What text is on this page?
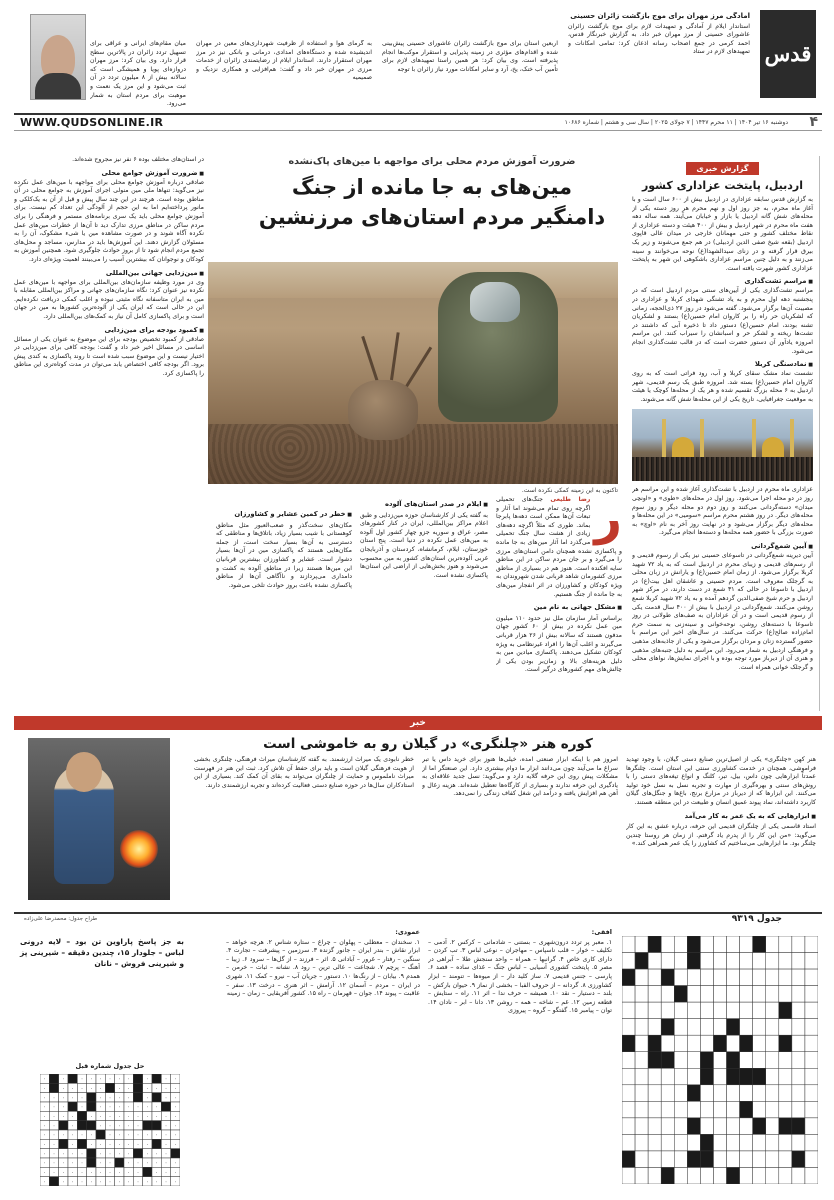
قدس
آمادگی مرز مهران برای موج بازگشت زائران حسینی

استاندار ایلام از آمادگی و تمهیدات لازم برای موج بازگشت زائران عاشورای حسینی از مرز مهران خبر داد. به گزارش خبرنگار قدس، احمد کرمی در جمع اصحاب رسانه اذعان کرد: تمامی امکانات و تمهیدهای لازم در ستاد

اربعین استان برای موج بازگشت زائران عاشورای حسینی پیش‌بینی شده و اقدام‌های مؤثری در زمینه پذیرایی و استقرار موکب‌ها انجام پذیرفته است. وی بیان کرد: هر همین راستا تمهیدهای لازم برای تأمین آب خنک، یخ، آرد و سایر امکانات مورد نیاز زائران با توجه

به گرمای هوا و استفاده از ظرفیت شهرداری‌های معین در مهران اندیشیده شده و دستگاه‌های امدادی، درمانی و بانکی نیز در مرز مهران استقرار دارند. استاندار ایلام از رضایتمندی زائران از خدمات مرزی در مهران خبر داد و گفت: هم‌افزایی و همکاری نزدیک و صمیمیه

میان مقام‌های ایرانی و عراقی برای تسهیل تردد زائران در پالاترین سطح قرار دارد. وی بیان کرد: مرز مهران درواز‌ه‌ای پویا و همیشگی است که سالانه بیش از ۸ میلیون تردد در آن ثبت می‌شود و این مرز یک نعمت و موهبت برای مردم استان به شمار می‌رود.

دوشنبه ۱۶ تیر ۱۴۰۴ | ۱۱ محرم ۱۴۴۷ | ۷ جولای ۲۰۲۵ | سال سی و هشتم | شماره ۱۰۶۸۶
WWW.QUDSONLINE.IR	۴
گزارش خبری
اردبیل، پایتخت عزاداری کشور

به گزارش قدس سابقه عزاداری در اردبیل بیش از ۶۰۰ سال است و با آغاز ماه محرم، به جز روز اول و نهم محرم هر روز دسته یکی از محله‌های شش گانه اردبیل یا بازار و خیابان می‌آیند. همه ساله دهه هفت ماه محرم در شهر اردبیل و بیش از ۴۰۰ هیئت و دسته عزاداری از نقاط مختلف کشور و حتی مهمانان خارجی در میدان عالی قاپوی اردبیل (بقعه شیخ صفی الدین اردبیلی) در هم جمع می‌شوند و زیر یک بیرق قرار گرفته و در زنای سیدالشهدا(ع) نوحه می‌خوانند و سینه می‌زنند و به دلیل چنین مراسم عزاداری باشکوهی این شهر به پایتخت عزاداری کشور شهرت یافته است.

■ مراسم تشت‌گذاری

مراسم تشت‌گذاری یکی از آیین‌های سنتی مردم اردبیل است که در پنجشنبه دهه اول محرم و به یاد تشنگی شهدای کربلا و عزاداری در مصیبت آن‌ها برگزار می‌شود. گفته می‌شود در روز ۲۷ ذی‌الحجه، زمانی که لشکریان حر راه را بر کاروان امام حسین(ع) بستند و لشکریان تشنه بودند، امام حسین(ع) دستور داد تا ذخیره آبی که داشتند در تشت‌ها ریخته و لشکر حر و اسبانشان را سیراب کنند. این مراسم امروزه یادآور آن دستور حضرت است که در قالب تشت‌گذاری انجام می‌شود.

■ نمادسنگی کربلا

نشست نماد مشک سقای کربلا و آب، رود فراتی است که به روی کاروان امام حسین(ع) بسته شد. امروزه طبق یک رسم قدیمی، شهر اردبیل به ۶ محله بزرگ تقسیم شده و هر یک از محله‌ها کوچک یا هیئت به موقعیت جغرافیایی، تاریخ یکی از این محله‌ها شش گانه می‌شوند.

عزاداری ماه محرم در اردبیل با تشت‌گذاری آغاز شده و این مراسم هر روز در دو محله اجرا می‌شود. روز اول در محله‌های «طوی» و «اونچی میدان» دسته‌گردانی می‌کنند و روز دوم دو محله دیگر و روز سوم محله‌های دیگر. در روز هشتم محرم مراسم «سومیی» در این محله‌ها و محله‌های دیگر برگزار می‌شود و در نهایت روز آخر به نام «اوچ» به صورت بزرگی با حضور همه محله‌ها و دسته‌ها انجام می‌گیرد.

■ آیین شمع‌گردانی

آیین دیرینه شمع‌گردانی در تاسوعای حسینی نیز یکی از رسوم قدیمی و از رسم‌های قدیمی و زیبای محرم در اردبیل است که به یاد ۷۲ شهید کربلا برگزار می‌شود. از زمان امام حسین(ع) و یارانش در زبان محلی به گرجلک معروف است. مردم حسینی و عاشقان اهل بیت(ع) در اردبیل با تاسوعا در حالی که ۳۱ شمع در دست دارند، در مرکز شهر اردبیل و حرم شیخ صفی‌الدین گردهم آمده و به یاد ۷۲ شهید کربلا شمع روشن می‌کنند. شمع‌گردانی در اردبیل با بیش از ۴۰۰ سال قدمت یکی از رسوم قدیمی است و در آن عزاداران به صف‌های طولانی در روز تاسوعا با دسته‌های روشن، نوحه‌خوانی و سینه‌زنی به سمت حرم امام‌زاده صالح(ع) حرکت می‌کنند. در سال‌های اخیر این مراسم با حضور گسترده زنان و مردان برگزار می‌شود و یکی از جاذبه‌های مذهبی و فرهنگی اردبیل به شمار می‌رود. این مراسم به دلیل جنبه‌های مذهبی و هنری آن از دیرباز مورد توجه بوده و با اجرای نمایش‌ها، نواهای محلی و گرجلک خوانی همراه است.

ضرورت آموزش مردم محلی برای مواجهه با مین‌های پاک‌نشده
مین‌های به جا مانده از جنگ
دامنگیر مردم استان‌های مرزنشین

در استان‌های مختلف بوده ۶ نفر نیز مجروح شده‌اند.

■ ضرورت آموزش جوامع محلی

صادقی درباره آموزش جوامع محلی برای مواجهه با مین‌های عمل نکرده نیز می‌گوید: تنها‌ها ملی مین‌ منولی اجرای آموزش به جوامع محلی در آن مناطق بوده است. هرچند در این چند سال پیش و قبل از آن به یک‌کلکی و مانور پرداخته‌ایم اما به این حجم از آلودگی این تعداد کم نیست. برای آموزش جوامع محلی باید یک سری برنامه‌های مستمر و فرهنگی را برای مردم ساکن در مناطق مرزی تدارک دید تا آن‌ها از خطرات مین‌های عمل نکرده آگاه شوند و در صورت مشاهده مین یا شیء مشکوک، آن را به مسئولان گزارش دهند. این آموزش‌ها باید در مدارس، مساجد و محل‌های تجمع مردم انجام شود تا از بروز حوادث جلوگیری شود. همچنین آموزش به کودکان و نوجوانان که بیشترین آسیب را می‌بینند اهمیت ویژه‌ای دارد.

■ مین‌زدایی جهانی بین‌المللی

وی در مورد وظیفه سازمان‌های بین‌المللی برای مواجهه با مین‌های عمل نکرده نیز عنوان کرد: نگاه سازمان‌های جهانی و مراکز بین‌المللی مقابله با مین به ایران متاسفانه نگاه مثبتی نبوده و اغلب کمکی دریافت نکرده‌ایم. این در حالی است که ایران یکی از آلوده‌ترین کشورها به مین در جهان است و برای پاکسازی کامل آن نیاز به کمک‌های بین‌المللی دارد.

■ کمبود بودجه برای مین‌زدایی

صادقی از کمبود تخصیص بودجه برای این موضوع به عنوان یکی از مسائل اساسی در مسائل اخیر خبر داد و گفت: بودجه کافی برای مین‌زدایی در اختیار نیست و این موضوع سبب شده است تا روند پاکسازی به کندی پیش برود. اگر بودجه کافی اختصاص یابد می‌توان در مدت کوتاه‌تری این مناطق را پاکسازی کرد.

تاکنون به این زمینه کمکی نکرده است.
ر
رضا طلیعی جنگ‌های تحمیلی اگرچه روی تمام می‌شوند اما آثار و تبعات آن‌ها ممکن است دهه‌ها پابرجا بماند. طوری که مثلاً اگرچه دهه‌های زیادی از هشت سال جنگ تحمیلی می‌گذرد اما آثار مین‌های به جا مانده و پاکسازی نشده همچنان دامن استان‌های مرزی را می‌گیرد و بر جان مردم ساکن در این مناطق سایه افکنده است. هنوز هم در بسیاری از مناطق مرزی کشورمان شاهد قربانی شدن شهروندان به ویژه کودکان و کشاورزان در اثر انفجار مین‌های به جا مانده از جنگ هستیم.
■ مشکل جهانی به نام مین

براساس آمار سازمان ملل نیز حدود ۱۱۰ میلیون مین عمل نکرده در بیش از ۶۰ کشور جهان مدفون هستند که سالانه بیش از ۲۶ هزار قربانی می‌گیرند و اغلب آن‌ها را افراد غیرنظامی به ویژه کودکان تشکیل می‌دهند. پاکسازی میادین مین به دلیل هزینه‌های بالا و زمان‌بر بودن یکی از چالش‌های مهم کشورهای درگیر است.

■ ایلام در صدر استان‌های آلوده

به گفته یکی از کارشناسان حوزه مین‌زدایی و طبق اعلام مراکز بین‌المللی، ایران در کنار کشورهای مصر، عراق و سوریه جزو چهار کشور اول آلوده به مین‌های عمل نکرده در دنیا است. پنج استان خوزستان، ایلام، کرمانشاه، کردستان و آذربایجان غربی آلوده‌ترین استان‌های کشور به مین محسوب می‌شوند و هنوز بخش‌هایی از اراضی این استان‌ها پاکسازی نشده است.

■ خطر در کمین عشایر و کشاورزان

مکان‌های سخت‌گذر و صعب‌العبور مثل مناطق کوهستانی با شیب بسیار زیاد، باتلاق‌ها و مناطقی که دسترسی به آن‌ها بسیار سخت است، از جمله مکان‌هایی هستند که پاکسازی مین در آن‌ها بسیار دشوار است. عشایر و کشاورزان بیشترین قربانیان این مین‌ها هستند زیرا در مناطق آلوده به کشت و دامداری می‌پردازند و ناآگاهی آن‌ها از مناطق پاکسازی نشده باعث بروز حوادث تلخی می‌شود.

خبر
کوره هنر «چلنگری» در گیلان رو به خاموشی است

هنر کهن «چلنگری» یکی از اصیل‌ترین صنایع دستی گیلان، با وجود تهدید فراموشی، همچنان در خدمت کشاورزی سنتی این استان است. چلنگرها عمدتاً ابزارهایی چون داس، بیل، تبر، کلنگ و انواع تیغه‌های دستی را با روش‌های سنتی و بهره‌گیری از مهارت و تجربه نسل به نسل خود تولید می‌کنند. این ابزارها که از دیرباز در مزارع برنج، باغ‌ها و جنگل‌های گیلان کاربرد داشته‌اند، نماد پیوند عمیق انسان و طبیعت در این منطقه هستند.

■ ابزارهایی که به یک عمر به کار می‌آمد

استاد قاسمی یکی از چلنگران قدیمی این حرفه، درباره عشق به این کار می‌گوید: «من این کار را از پدرم یاد گرفتم. از زمان هر روستا چندین چلنگر بود. ما ابزارهایی می‌ساختیم که کشاورز را یک عمر همراهی کند.»

امروز هم با اینکه ابزار صنعتی آمده، خیلی‌ها هنوز برای خرید داس یا تبر سراغ ما می‌آیند چون می‌دانند ابزار ما دوام بیشتری دارد. این صنعتگر اما از مشکلات پیش روی این حرفه گلایه دارد و می‌گوید: نسل جدید علاقه‌ای به یادگیری این حرفه ندارند و بسیاری از کارگاه‌ها تعطیل شده‌اند. هزینه زغال و آهن هم افزایش یافته و درآمد این شغل کفاف زندگی را نمی‌دهد.

خطر نابودی یک میراث ارزشمند. به گفته کارشناسان میراث فرهنگی، چلنگری بخشی از هویت فرهنگی گیلان است و باید برای حفظ آن تلاش کرد. ثبت این هنر در فهرست میراث ناملموس و حمایت از چلنگران می‌تواند به بقای آن کمک کند. بسیاری از این استادکاران سال‌ها در حوزه صنایع دستی فعالیت کرده‌اند و تجربه ارزشمندی دارند.

جدول ۹۳۱۹
طراح جدول: محمدرضا علی‌زاده
افقی:

۱. معبر پر تردد درون‌شهری – بستنی – شادمانی – کرکس ۲. آدمی – تکلیف – خوار – قلب ناسپاس – مهاجران – نوعی لباس ۳. تب کردن – دارای کاری خاص ۴. گرانبها – همراه – واحد سنجش طلا – آبراهی در مصر ۵. پایتخت کشوری آسیایی – لباس جنگ – غذای ساده – قصد ۶. پارسی – جنس قدیمی ۷. ساز کلید دار – از میوه‌ها – تنومند – ابزار کشاورزی ۸. گردانه – از حروف الفبا – بخشی از نماز ۹. حیوان بارکش – بلند – دستیار – نقد ۱۰. همیشه – حرف ندا – اثر ۱۱. راه – ستایش – قطعه زمین ۱۲. غم – شاخه – همه – روشن ۱۳. دانا – ابر – نادان ۱۴. توان – پیامبر ۱۵. گفتگو – گروه – پیروزی

عمودی:

۱. سخندان – معطلی – پهلوان – چراغ – ستاره شناس ۲. هرچه خواهد – ابزار نقاش – بندر ایران – جانور گزنده ۳. سرزمین – پیشرفت – تجارت ۴. سنگین – رفتار – غرور – آبادانی ۵. اثر – فرزند – از گل‌ها – سرود ۶. زیبا – آهنگ – پرچم ۷. شجاعت – عالی ترین – رود ۸. نشانه – ثبات – خرمن – همدم ۹. بیابان – از رنگ‌ها ۱۰. دستور – جریان آب – نیرو – کمک ۱۱. شهری در ایران – مردم – آسمان ۱۲. آرامش – اثر هنری – درخت ۱۳. سفر – عاقبت – پیوند ۱۴. جوان – قهرمان – راه ۱۵. کشور آفریقایی – زمان – زمینه

به جز پاسخ پاراوین تن بود – لایه درونی لباس – جلودار ۱۵، چندین دقیقه – شیرینی‌ پز و شیرینی فروش – نانان
حل جدول شماره قبل
·	·	· · · · · ·	·	· ·
·	· · · · ·	· ·	· · · ·
· · · · ·	· · · ·	·	· ·
· · ·	·	· · · · · · ·	·
· · · ·	· · · · · · · · · ·
· ·	·	· · · · ·	· ·
· · · · · ·	· · · · · · · ·
· ·	·	· · · · · · ·	· ·
· · · · ·	· · · ·	· · ·
· · · · ·	· ·	· · · · · ·
· · · · · · · · · · ·	· · ·
·	· · · · · · · · · · · · ·
